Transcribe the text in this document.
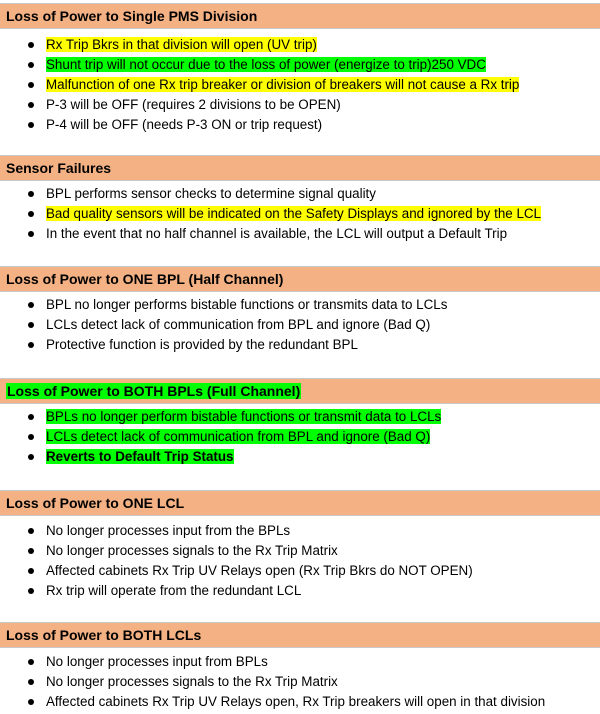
Loss of Power to Single PMS Division
Rx Trip Bkrs in that division will open (UV trip)
Shunt trip will not occur due to the loss of power (energize to trip)250 VDC
Malfunction of one Rx trip breaker or division of breakers will not cause a Rx trip
P-3 will be OFF (requires 2 divisions to be OPEN)
P-4 will be OFF (needs P-3 ON or trip request)
Sensor Failures
BPL performs sensor checks to determine signal quality
Bad quality sensors will be indicated on the Safety Displays and ignored by the LCL
In the event that no half channel is available, the LCL will output a Default Trip
Loss of Power to ONE BPL (Half Channel)
BPL no longer performs bistable functions or transmits data to LCLs
LCLs detect lack of communication from BPL and ignore (Bad Q)
Protective function is provided by the redundant BPL
Loss of Power to BOTH BPLs (Full Channel)
BPLs no longer perform bistable functions or transmit data to LCLs
LCLs detect lack of communication from BPL and ignore (Bad Q)
Reverts to Default Trip Status
Loss of Power to ONE LCL
No longer processes input from the BPLs
No longer processes signals to the Rx Trip Matrix
Affected cabinets Rx Trip UV Relays open (Rx Trip Bkrs do NOT OPEN)
Rx trip will operate from the redundant LCL
Loss of Power to BOTH LCLs
No longer processes input from BPLs
No longer processes signals to the Rx Trip Matrix
Affected cabinets Rx Trip UV Relays open, Rx Trip breakers will open in that division
